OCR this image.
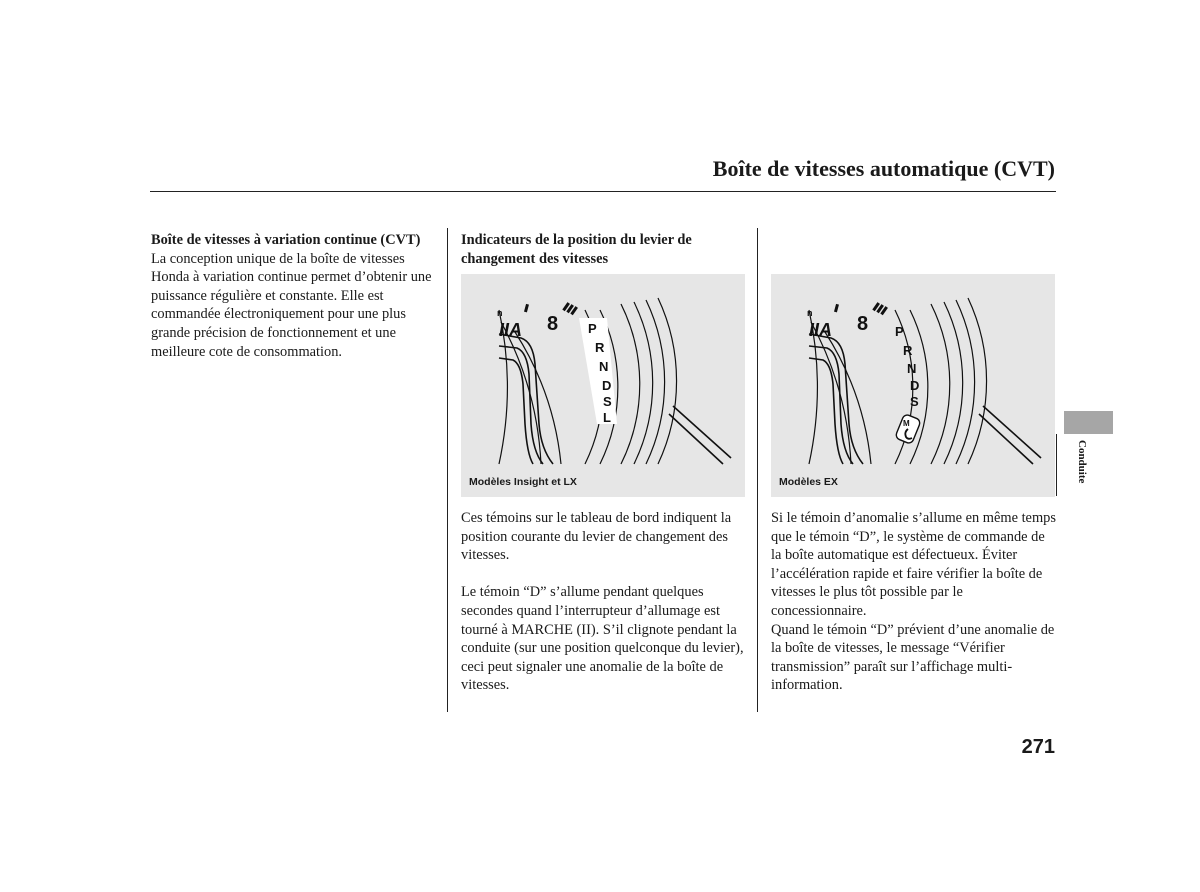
Boîte de vitesses automatique (CVT)

Boîte de vitesses à variation continue (CVT)

La conception unique de la boîte de vitesses Honda à variation continue permet d’obtenir une puissance régulière et constante. Elle est commandée électroniquement pour une plus grande précision de fonctionnement et une meilleure cote de consommation.

Indicateurs de la position du levier de changement des vitesses

n
IIA 8 P
R
N
D
S
L
Modèles Insight et LX
n
IIA 8 P
R
N
D
S
M
Modèles EX

Ces témoins sur le tableau de bord indiquent la position courante du levier de changement des vitesses.

Le témoin “D” s’allume pendant quelques secondes quand l’interrupteur d’allumage est tourné à MARCHE (II). S’il clignote pendant la conduite (sur une position quelconque du levier), ceci peut signaler une anomalie de la boîte de vitesses.

Si le témoin d’anomalie s’allume en même temps que le témoin “D”, le système de commande de la boîte automatique est défectueux. Éviter l’accélération rapide et faire vérifier la boîte de vitesses le plus tôt possible par le concessionnaire.

Quand le témoin “D” prévient d’une anomalie de la boîte de vitesses, le message “Vérifier transmission” paraît sur l’affichage multi-information.

Conduite
271
